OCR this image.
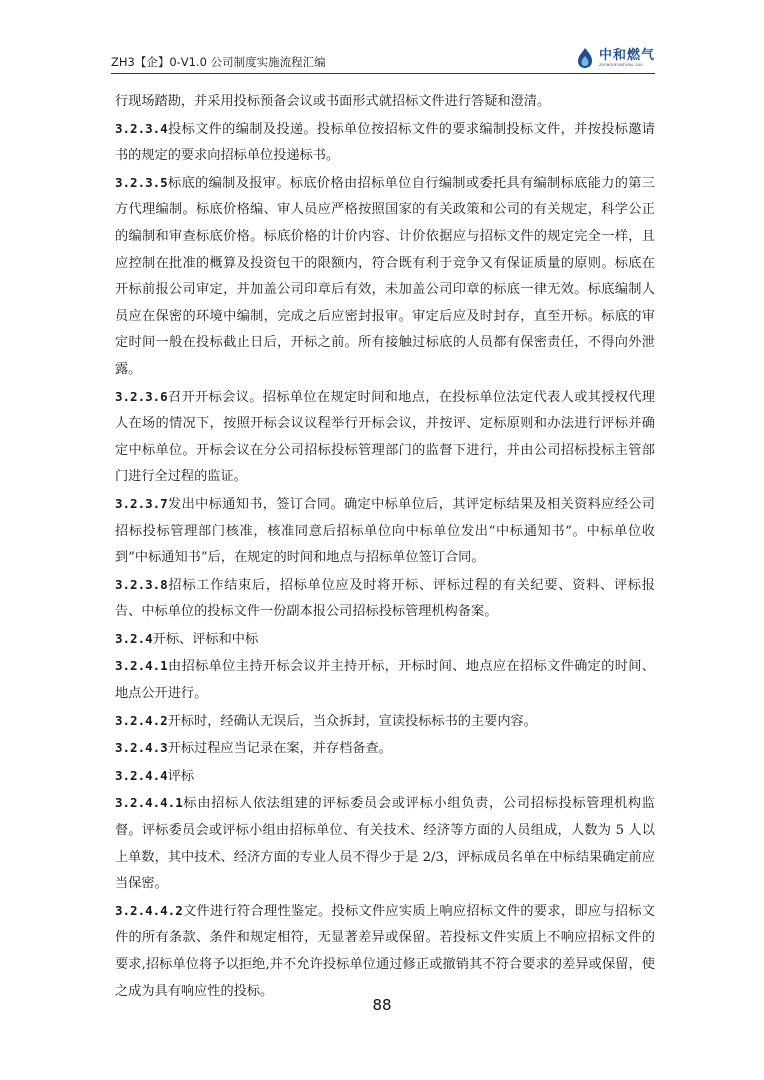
ZH3【企】0-V1.0 公司制度实施流程汇编	中和燃气
ZHONGHE NATURAL GAS

行现场踏勘，并采用投标预备会议或书面形式就招标文件进行答疑和澄清。

3.2.3.4投标文件的编制及投递。投标单位按招标文件的要求编制投标文件，并按投标邀请书的规定的要求向招标单位投递标书。

3.2.3.5标底的编制及报审。标底价格由招标单位自行编制或委托具有编制标底能力的第三方代理编制。标底价格编、审人员应严格按照国家的有关政策和公司的有关规定，科学公正的编制和审查标底价格。标底价格的计价内容、计价依据应与招标文件的规定完全一样，且应控制在批准的概算及投资包干的限额内，符合既有利于竞争又有保证质量的原则。标底在开标前报公司审定，并加盖公司印章后有效，未加盖公司印章的标底一律无效。标底编制人员应在保密的环境中编制，完成之后应密封报审。审定后应及时封存，直至开标。标底的审定时间一般在投标截止日后，开标之前。所有接触过标底的人员都有保密责任，不得向外泄露。

3.2.3.6召开开标会议。招标单位在规定时间和地点，在投标单位法定代表人或其授权代理人在场的情况下，按照开标会议议程举行开标会议，并按评、定标原则和办法进行评标并确定中标单位。开标会议在分公司招标投标管理部门的监督下进行，并由公司招标投标主管部门进行全过程的监证。

3.2.3.7发出中标通知书，签订合同。确定中标单位后，其评定标结果及相关资料应经公司招标投标管理部门核准，核准同意后招标单位向中标单位发出“中标通知书”。中标单位收到“中标通知书”后，在规定的时间和地点与招标单位签订合同。

3.2.3.8招标工作结束后，招标单位应及时将开标、评标过程的有关纪要、资料、评标报告、中标单位的投标文件一份副本报公司招标投标管理机构备案。

3.2.4开标、评标和中标

3.2.4.1由招标单位主持开标会议并主持开标，开标时间、地点应在招标文件确定的时间、地点公开进行。

3.2.4.2开标时，经确认无误后，当众拆封，宣读投标标书的主要内容。

3.2.4.3开标过程应当记录在案，并存档备查。

3.2.4.4评标

3.2.4.4.1标由招标人依法组建的评标委员会或评标小组负责，公司招标投标管理机构监督。评标委员会或评标小组由招标单位、有关技术、经济等方面的人员组成，人数为 5 人以上单数，其中技术、经济方面的专业人员不得少于是 2/3，评标成员名单在中标结果确定前应当保密。

3.2.4.4.2文件进行符合理性鉴定。投标文件应实质上响应招标文件的要求，即应与招标文件的所有条款、条件和规定相符，无显著差异或保留。若投标文件实质上不响应招标文件的要求,招标单位将予以拒绝,并不允许投标单位通过修正或撤销其不符合要求的差异或保留，使之成为具有响应性的投标。

88
